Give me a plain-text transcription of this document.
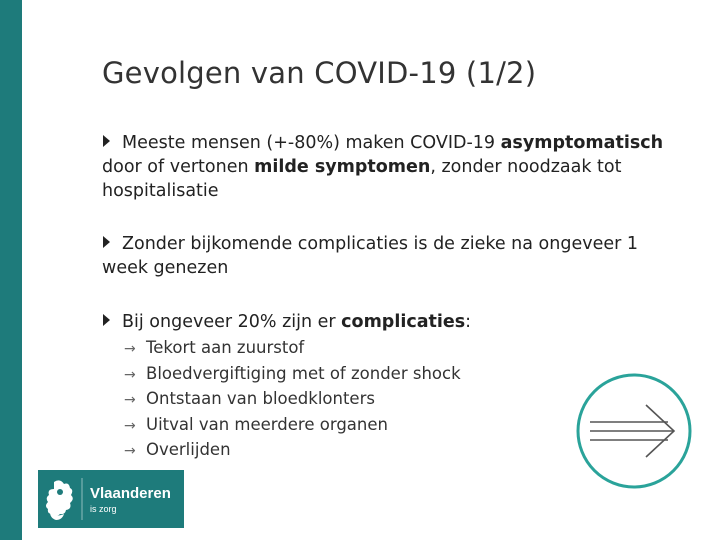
Gevolgen van COVID-19 (1/2)
Meeste mensen (+-80%) maken COVID-19 asymptomatisch door of vertonen milde symptomen, zonder noodzaak tot hospitalisatie
Zonder bijkomende complicaties is de zieke na ongeveer 1 week genezen
Bij ongeveer 20% zijn er complicaties:
→ Tekort aan zuurstof
→ Bloedvergiftiging met of zonder shock
→ Ontstaan van bloedklonters
→ Uitval van meerdere organen
→ Overlijden
Vlaanderen
is zorg
